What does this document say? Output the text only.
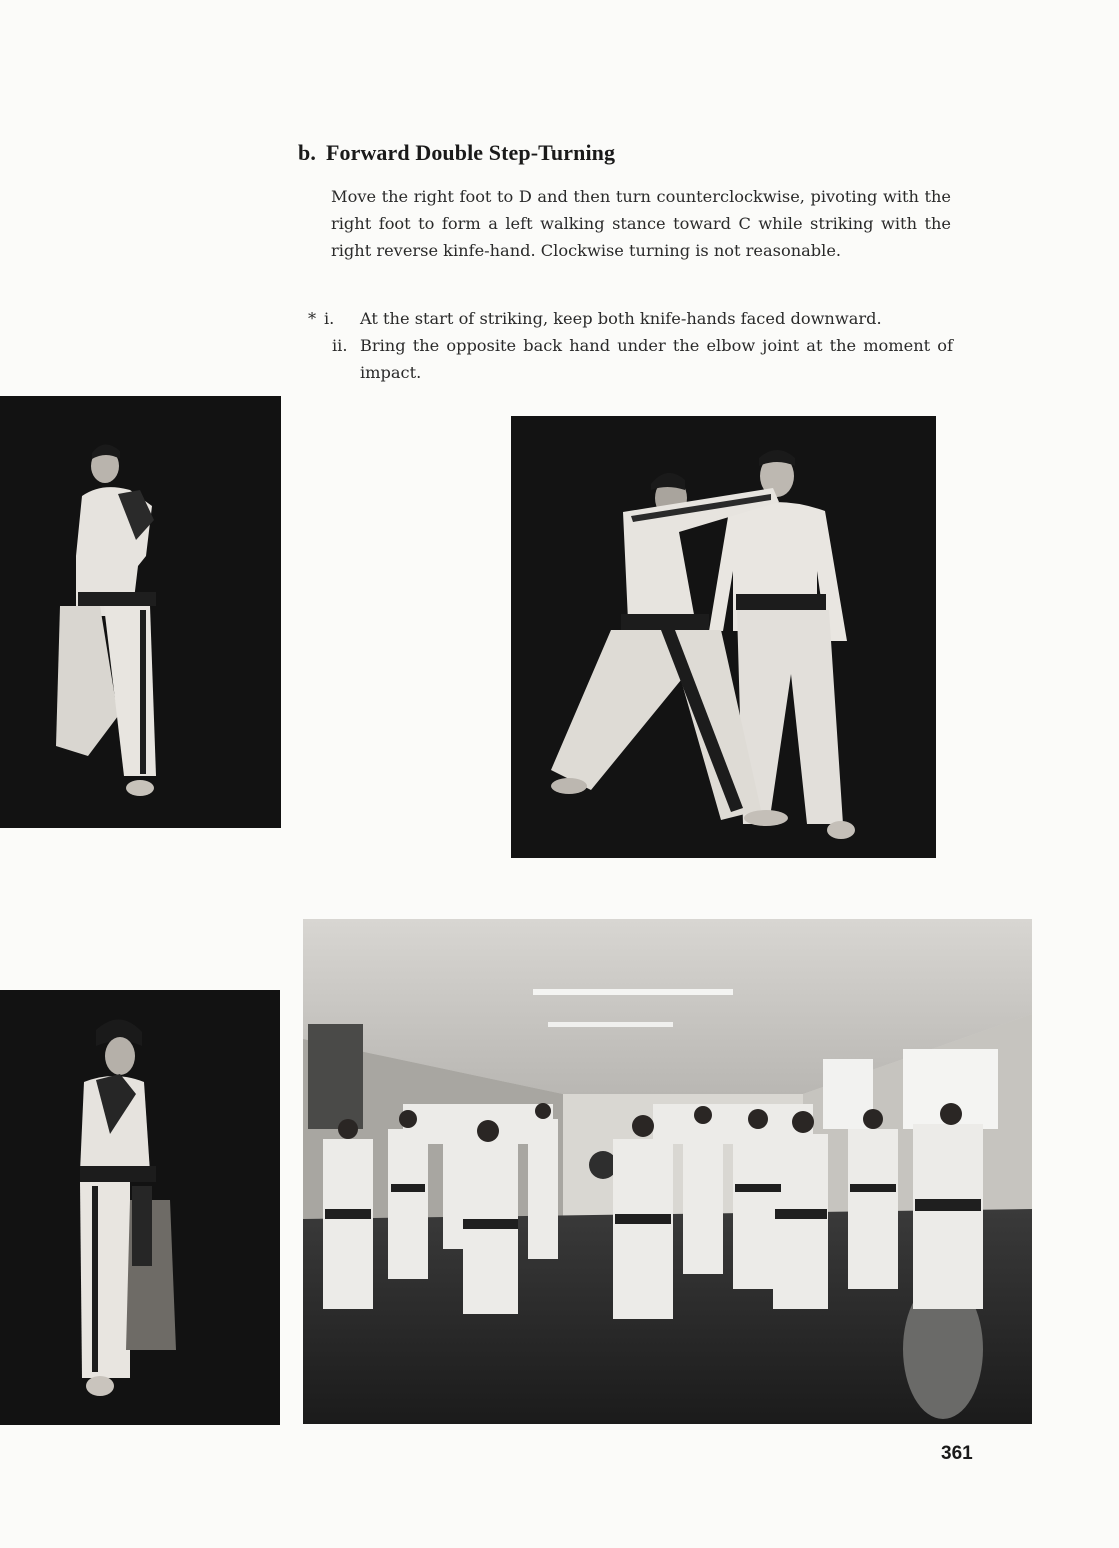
b. Forward Double Step-Turning
Move the right foot to D and then turn counterclockwise, pivoting with the right foot to form a left walking stance toward C while striking with the right reverse kinfe-hand. Clockwise turning is not reasonable.
* i.	At the start of striking, keep both knife-hands faced downward.
ii. Bring the opposite back hand under the elbow joint at the moment of impact.
361
